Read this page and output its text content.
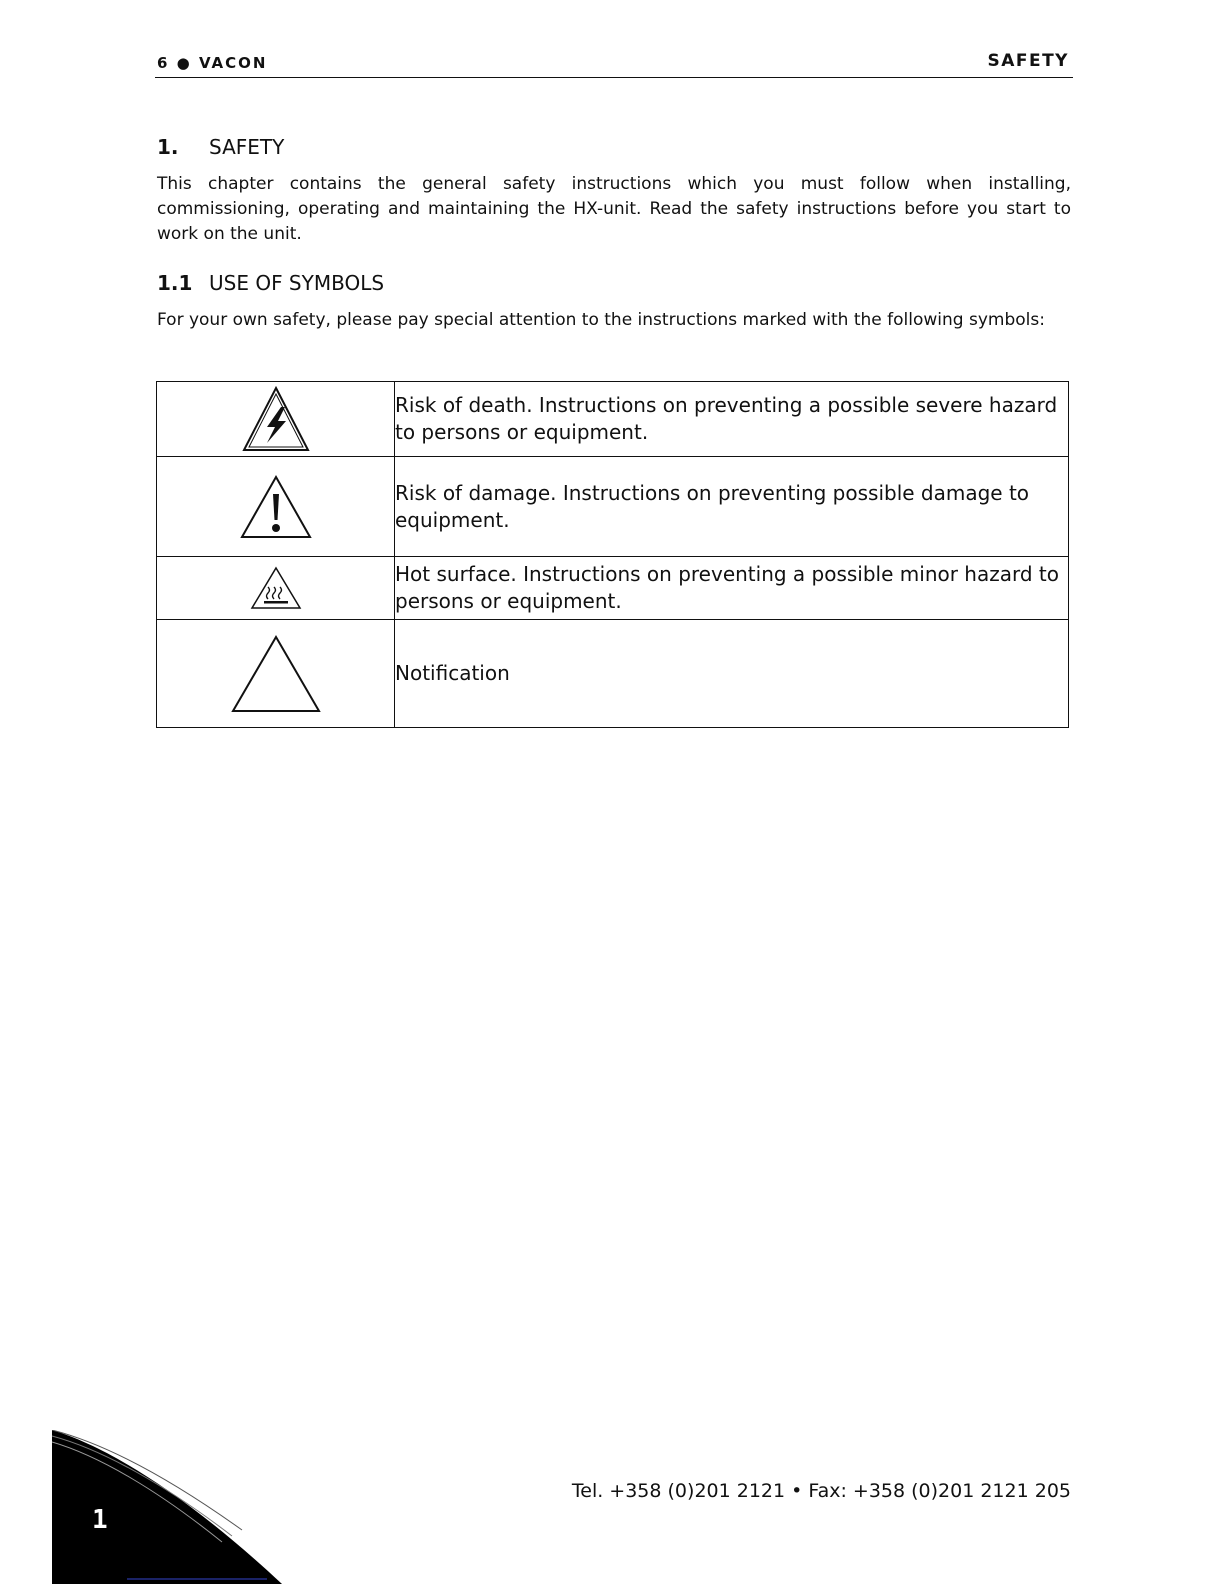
6 ● VACON	SAFETY
1. SAFETY
This chapter contains the general safety instructions which you must follow when installing, commissioning, operating and maintaining the HX-unit. Read the safety instructions before you start to work on the unit.
1.1 USE OF SYMBOLS
For your own safety, please pay special attention to the instructions marked with the following symbols:
	Risk of death. Instructions on preventing a possible severe hazard to persons or equipment.

	Risk of damage. Instructions on preventing possible damage to equipment.

	Hot surface. Instructions on preventing a possible minor hazard to persons or equipment.

	Notification
Tel. +358 (0)201 2121 • Fax: +358 (0)201 2121 205
1
